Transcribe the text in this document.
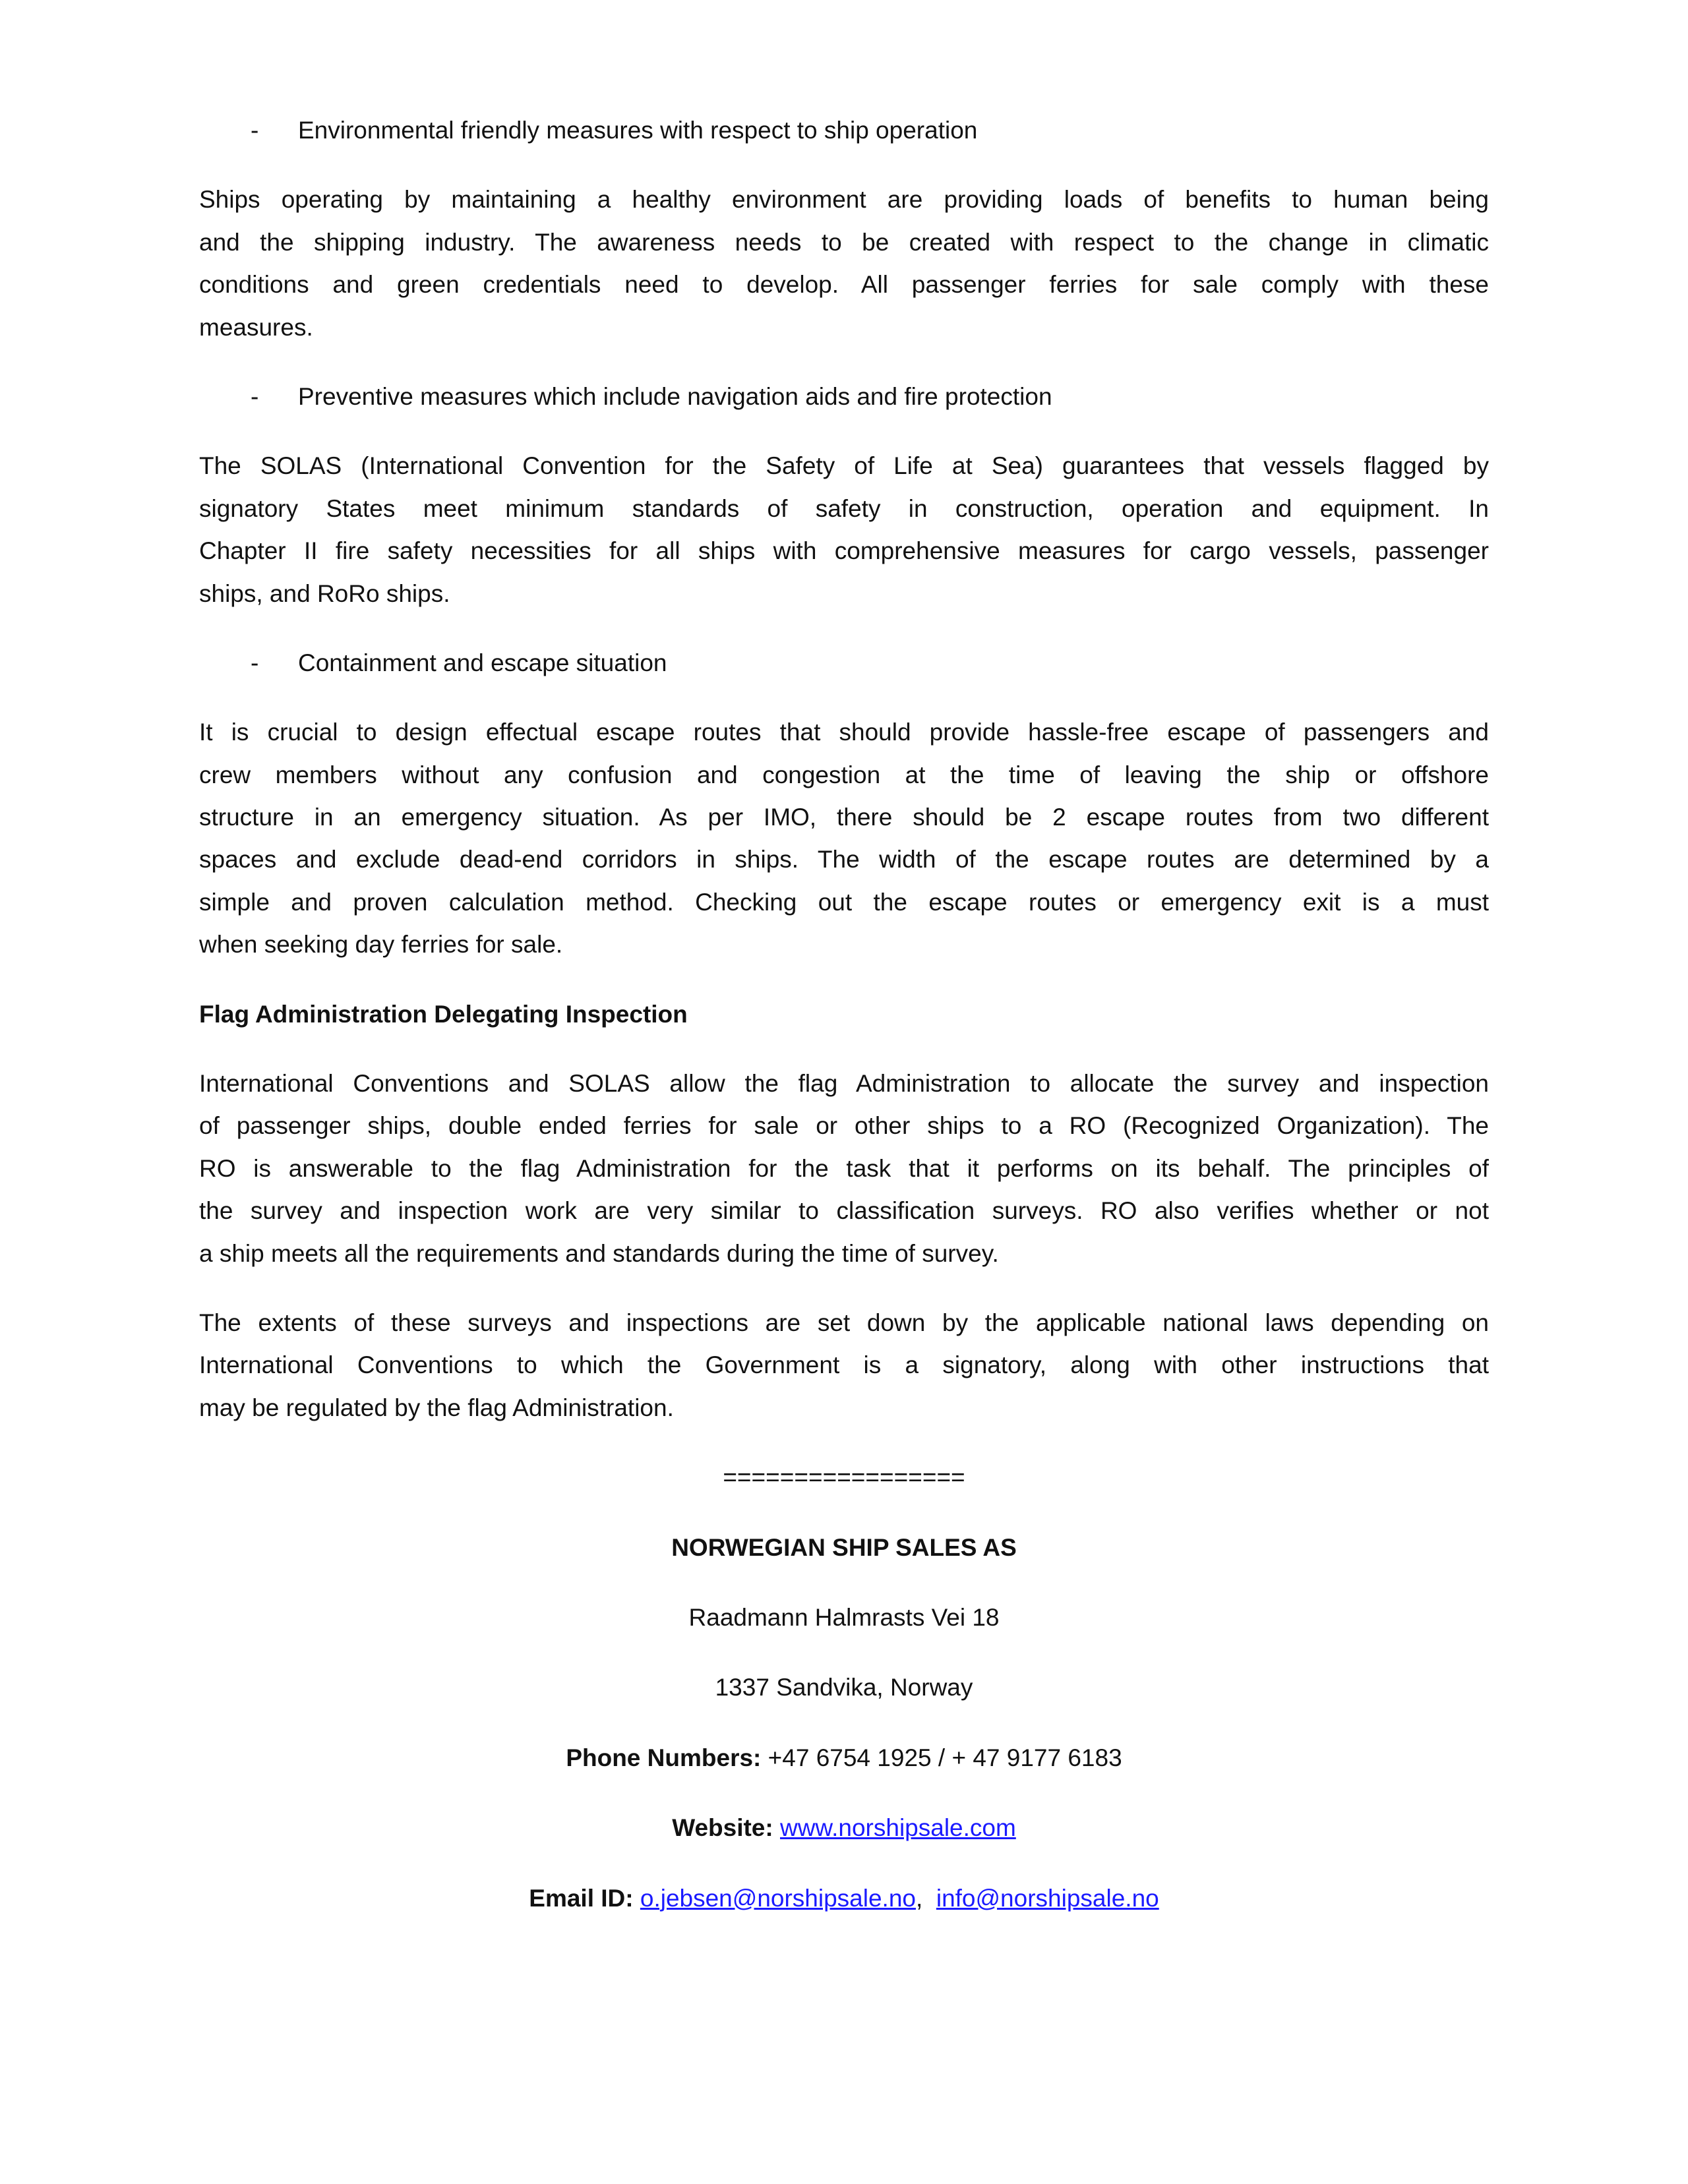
- Environmental friendly measures with respect to ship operation
Ships operating by maintaining a healthy environment are providing loads of benefits to human being
and the shipping industry. The awareness needs to be created with respect to the change in climatic
conditions and green credentials need to develop. All passenger ferries for sale comply with these
measures.
- Preventive measures which include navigation aids and fire protection
The SOLAS (International Convention for the Safety of Life at Sea) guarantees that vessels flagged by
signatory States meet minimum standards of safety in construction, operation and equipment. In
Chapter II fire safety necessities for all ships with comprehensive measures for cargo vessels, passenger
ships, and RoRo ships.
- Containment and escape situation
It is crucial to design effectual escape routes that should provide hassle-free escape of passengers and
crew members without any confusion and congestion at the time of leaving the ship or offshore
structure in an emergency situation. As per IMO, there should be 2 escape routes from two different
spaces and exclude dead-end corridors in ships. The width of the escape routes are determined by a
simple and proven calculation method. Checking out the escape routes or emergency exit is a must
when seeking day ferries for sale.
Flag Administration Delegating Inspection
International Conventions and SOLAS allow the flag Administration to allocate the survey and inspection
of passenger ships, double ended ferries for sale or other ships to a RO (Recognized Organization). The
RO is answerable to the flag Administration for the task that it performs on its behalf. The principles of
the survey and inspection work are very similar to classification surveys. RO also verifies whether or not
a ship meets all the requirements and standards during the time of survey.
The extents of these surveys and inspections are set down by the applicable national laws depending on
International Conventions to which the Government is a signatory, along with other instructions that
may be regulated by the flag Administration.
=================
NORWEGIAN SHIP SALES AS
Raadmann Halmrasts Vei 18
1337 Sandvika, Norway
Phone Numbers: +47 6754 1925 / + 47 9177 6183
Website: www.norshipsale.com
Email ID: o.jebsen@norshipsale.no, info@norshipsale.no
